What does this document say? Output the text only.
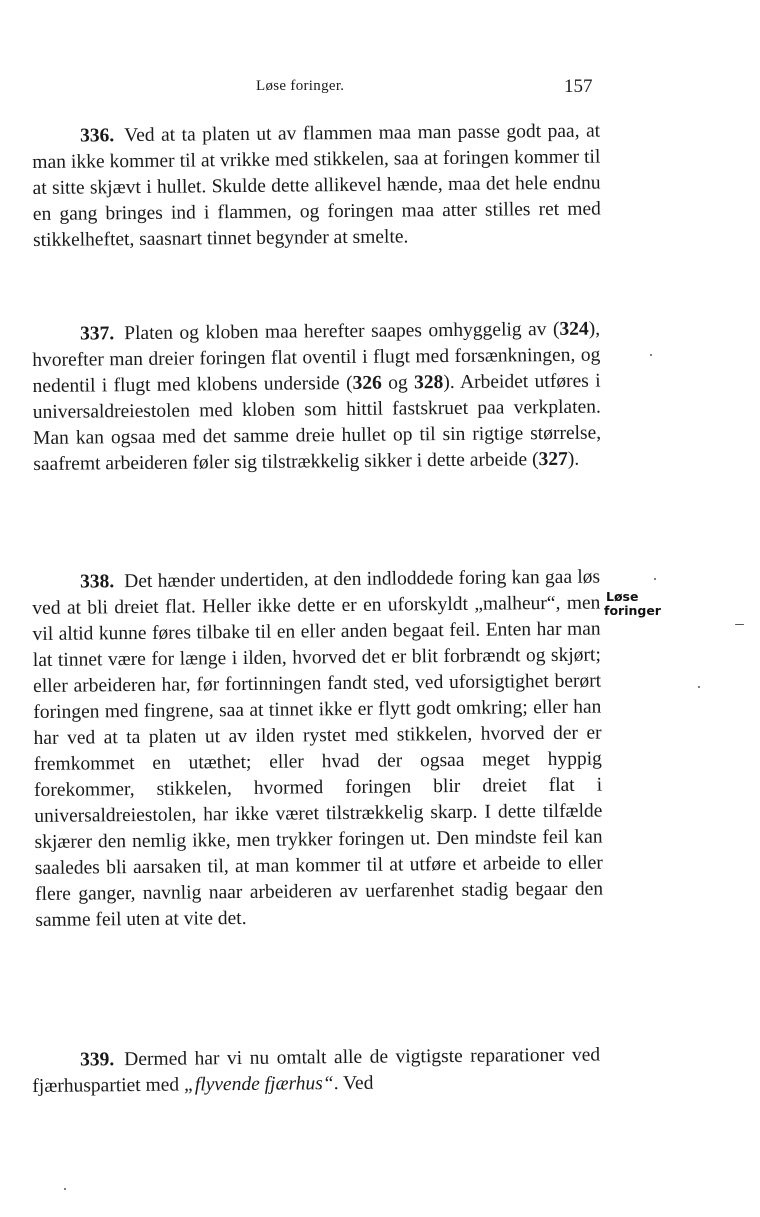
Løse foringer.	157

336. Ved at ta platen ut av flammen maa man passe godt paa, at man ikke kommer til at vrikke med stikkelen, saa at foringen kommer til at sitte skjævt i hullet. Skulde dette allikevel hænde, maa det hele endnu en gang bringes ind i flammen, og foringen maa atter stilles ret med stikkelheftet, saasnart tinnet begynder at smelte.

337. Platen og kloben maa herefter saapes omhyggelig av (324), hvorefter man dreier foringen flat oventil i flugt med forsænkningen, og nedentil i flugt med klobens underside (326 og 328). Arbeidet utføres i universaldreiestolen med kloben som hittil fastskruet paa verkplaten. Man kan ogsaa med det samme dreie hullet op til sin rigtige størrelse, saafremt arbeideren føler sig tilstrækkelig sikker i dette arbeide (327).

338. Det hænder undertiden, at den indloddede foring kan gaa løs ved at bli dreiet flat. Heller ikke dette er en uforskyldt „malheur“, men vil altid kunne føres tilbake til en eller anden begaat feil. Enten har man lat tinnet være for længe i ilden, hvorved det er blit forbrændt og skjørt; eller arbeideren har, før fortinningen fandt sted, ved uforsigtighet berørt foringen med fingrene, saa at tinnet ikke er flytt godt omkring; eller han har ved at ta platen ut av ilden rystet med stikkelen, hvorved der er fremkommet en utæthet; eller hvad der ogsaa meget hyppig forekommer, stikkelen, hvormed foringen blir dreiet flat i universaldreiestolen, har ikke været tilstrækkelig skarp. I dette tilfælde skjærer den nemlig ikke, men trykker foringen ut. Den mindste feil kan saaledes bli aarsaken til, at man kommer til at utføre et arbeide to eller flere ganger, navnlig naar arbeideren av uerfarenhet stadig begaar den samme feil uten at vite det.

Løse
foringer

339. Dermed har vi nu omtalt alle de vigtigste reparationer ved fjærhuspartiet med „flyvende fjærhus“. Ved
